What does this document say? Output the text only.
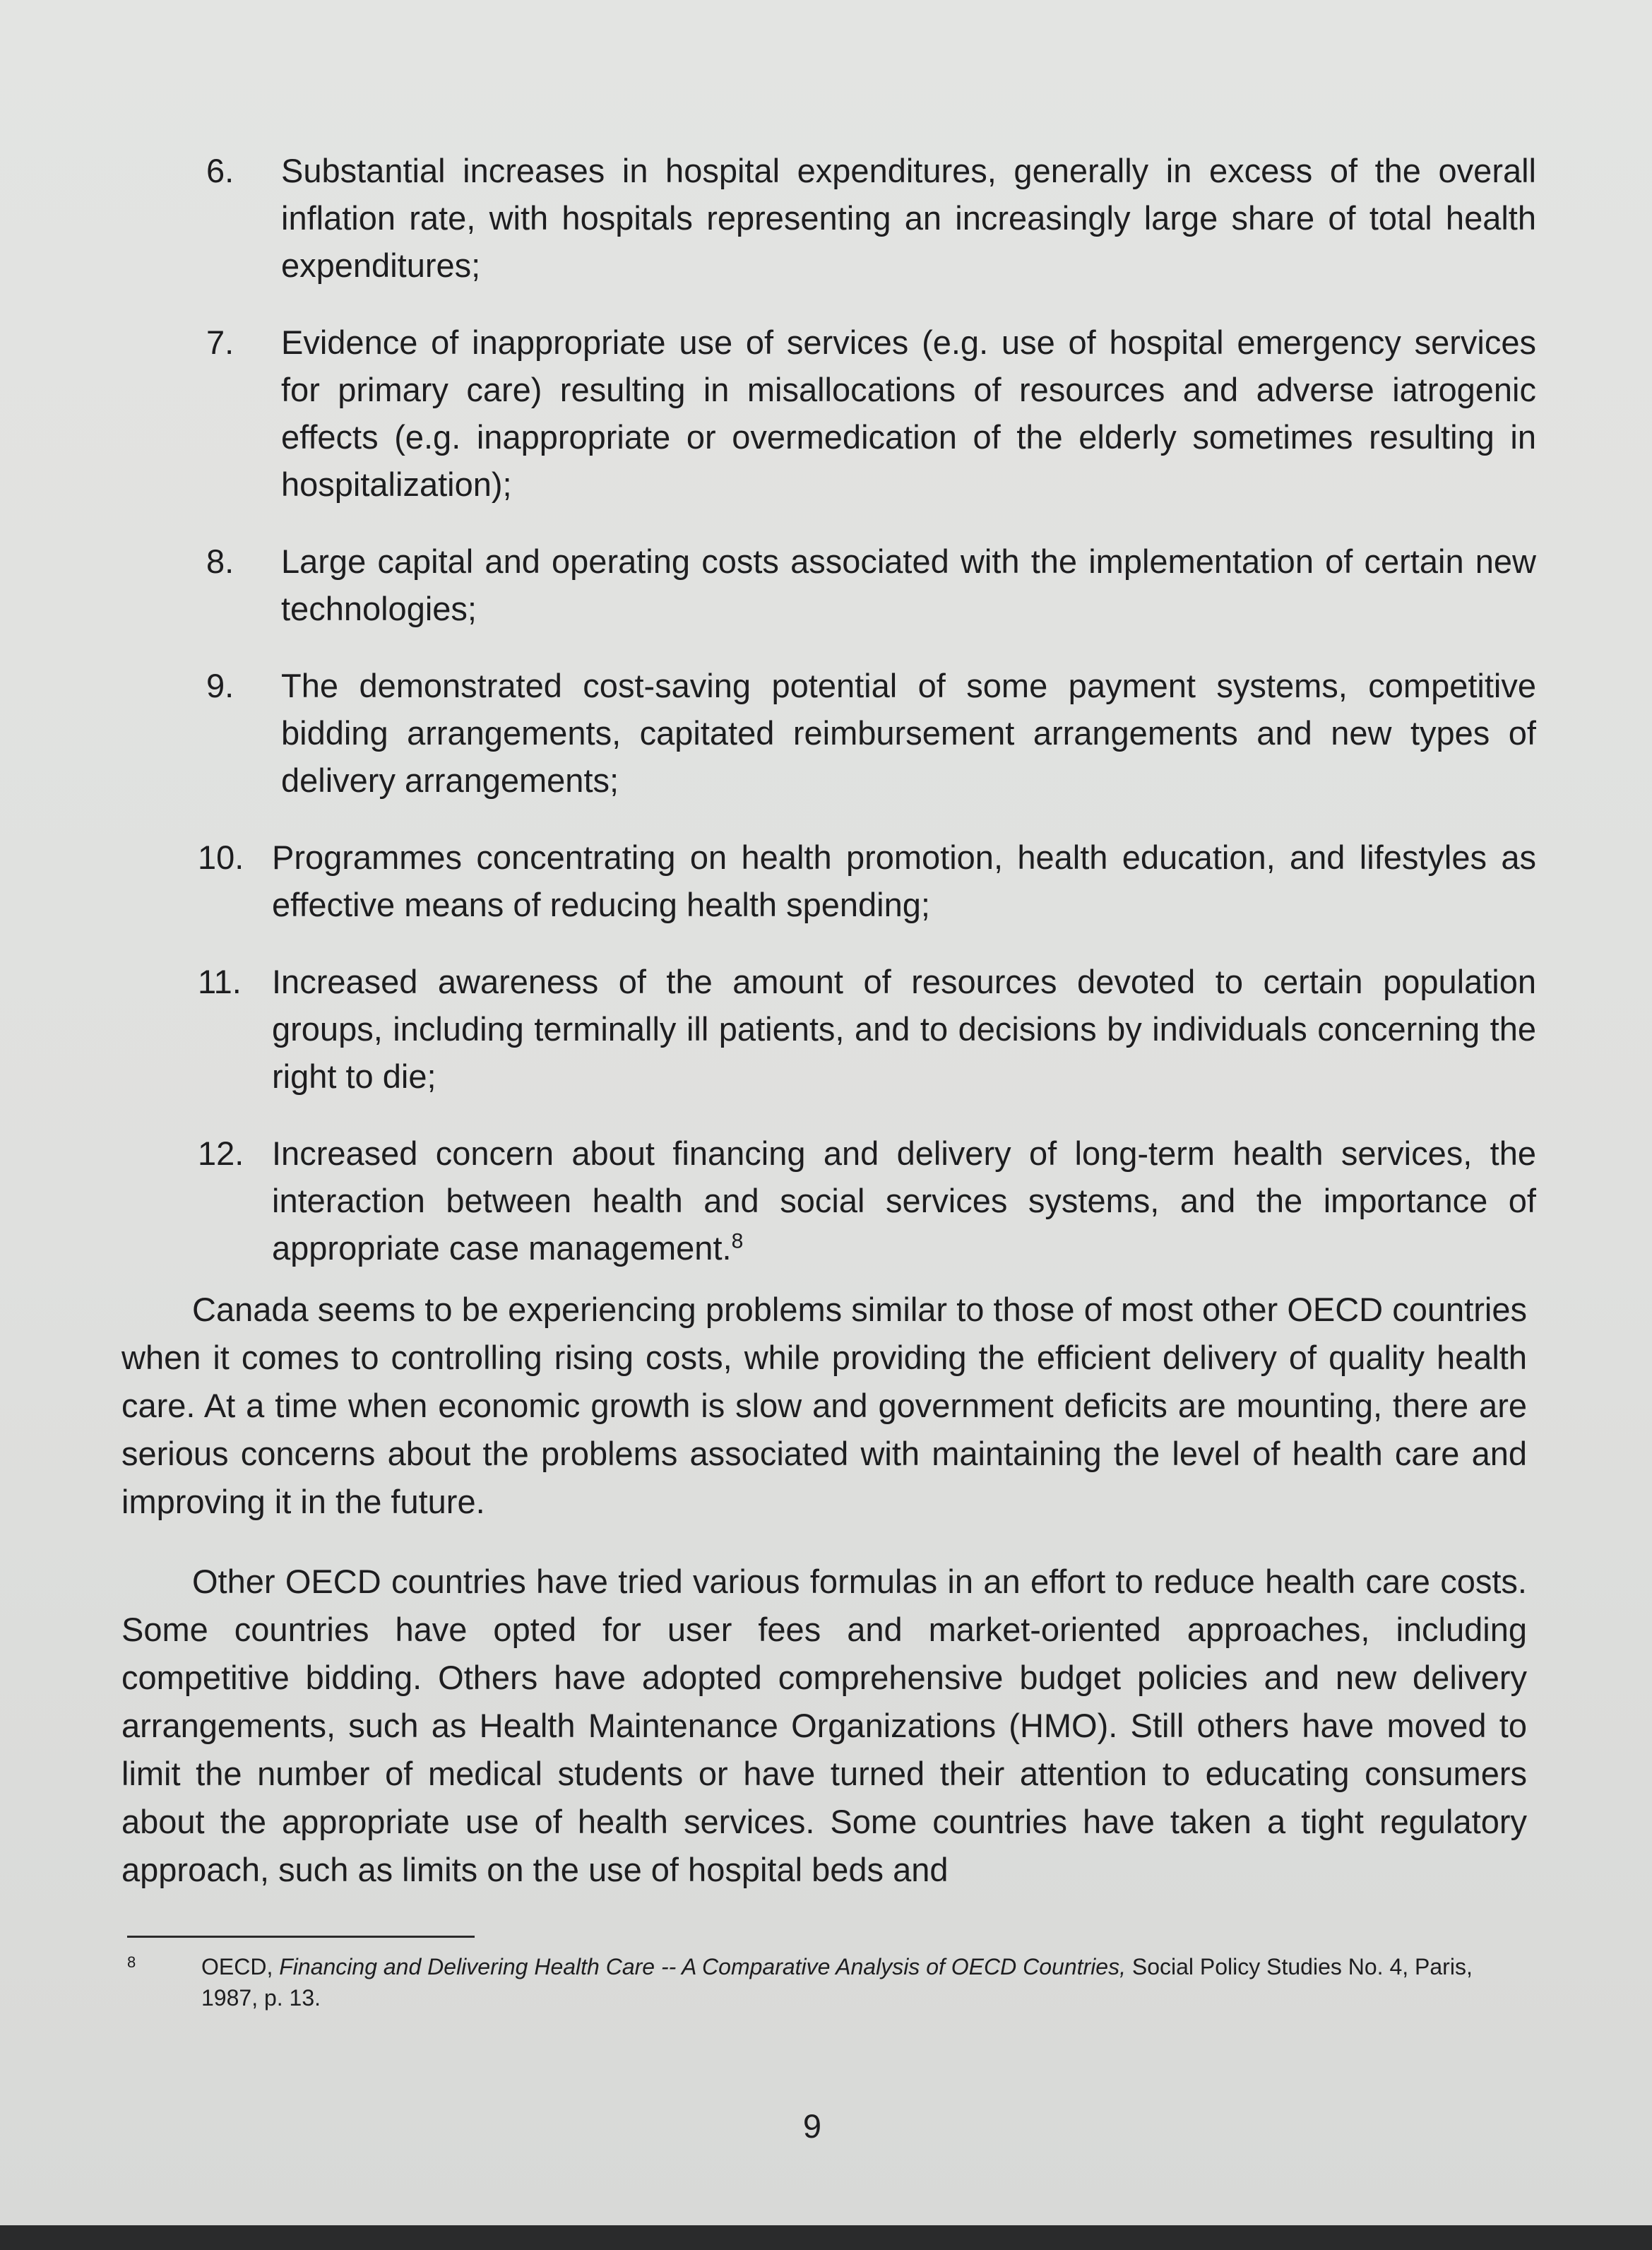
6. Substantial increases in hospital expenditures, generally in excess of the overall inflation rate, with hospitals representing an increasingly large share of total health expenditures;
7. Evidence of inappropriate use of services (e.g. use of hospital emergency services for primary care) resulting in misallocations of resources and adverse iatrogenic effects (e.g. inappropriate or overmedication of the elderly sometimes resulting in hospitalization);
8. Large capital and operating costs associated with the implementation of certain new technologies;
9. The demonstrated cost-saving potential of some payment systems, competitive bidding arrangements, capitated reimbursement arrangements and new types of delivery arrangements;
10. Programmes concentrating on health promotion, health education, and lifestyles as effective means of reducing health spending;
11. Increased awareness of the amount of resources devoted to certain population groups, including terminally ill patients, and to decisions by individuals concerning the right to die;
12. Increased concern about financing and delivery of long-term health services, the interaction between health and social services systems, and the importance of appropriate case management.$^8$

Canada seems to be experiencing problems similar to those of most other OECD countries when it comes to controlling rising costs, while providing the efficient delivery of quality health care. At a time when economic growth is slow and government deficits are mounting, there are serious concerns about the problems associated with maintaining the level of health care and improving it in the future.

Other OECD countries have tried various formulas in an effort to reduce health care costs. Some countries have opted for user fees and market-oriented approaches, including competitive bidding. Others have adopted comprehensive budget policies and new delivery arrangements, such as Health Maintenance Organizations (HMO). Still others have moved to limit the number of medical students or have turned their attention to educating consumers about the appropriate use of health services. Some countries have taken a tight regulatory approach, such as limits on the use of hospital beds and

8	OECD, Financing and Delivering Health Care -- A Comparative Analysis of OECD Countries, Social Policy Studies No. 4, Paris, 1987, p. 13.
9
